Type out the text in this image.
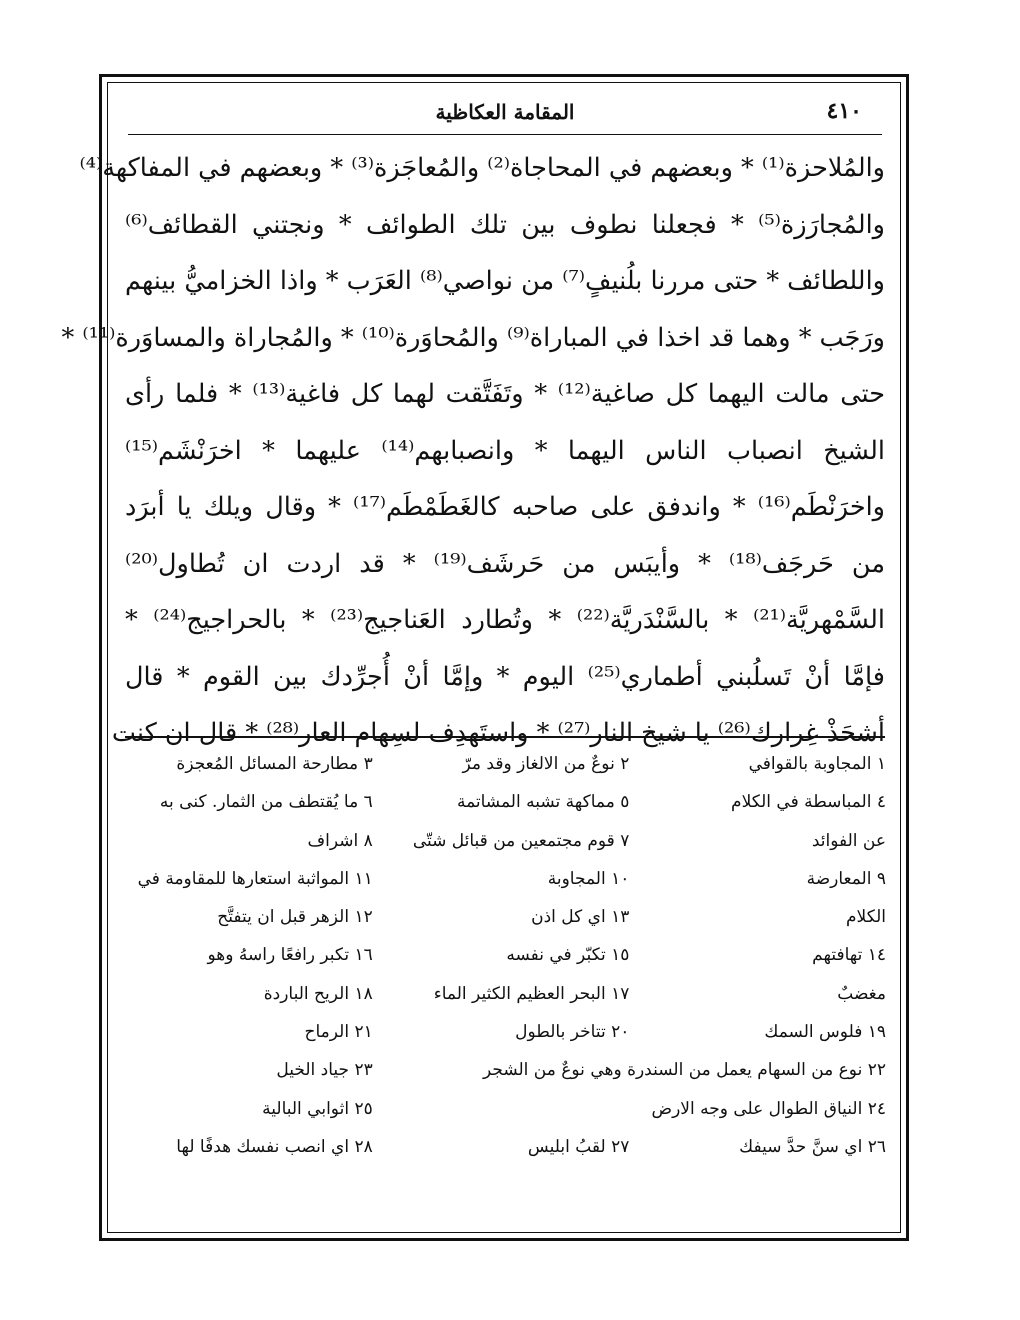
٤١٠
المقامة العكاظية
والمُلاحزة⁽¹⁾ * وبعضهم في المحاجاة⁽²⁾ والمُعاجَزة⁽³⁾ * وبعضهم في المفاكهة⁽⁴⁾
والمُجارَزة⁽⁵⁾ * فجعلنا نطوف بين تلك الطوائف * ونجتني القطائف⁽⁶⁾
واللطائف * حتى مررنا بلُنيفٍ⁽⁷⁾ من نواصي⁽⁸⁾ العَرَب * واذا الخزاميُّ بينهم
ورَجَب * وهما قد اخذا في المباراة⁽⁹⁾ والمُحاوَرة⁽¹⁰⁾ * والمُجاراة والمساوَرة⁽¹¹⁾ *
حتى مالت اليهما كل صاغية⁽¹²⁾ * وتَفَتَّقت لهما كل فاغية⁽¹³⁾ * فلما رأى
الشيخ انصباب الناس اليهما * وانصبابهم⁽¹⁴⁾ عليهما * اخرَنْشَم⁽¹⁵⁾
واخرَنْطَم⁽¹⁶⁾ * واندفق على صاحبه كالغَطَمْطَم⁽¹⁷⁾ * وقال ويلك يا أبرَد
من حَرجَف⁽¹⁸⁾ * وأيبَس من حَرشَف⁽¹⁹⁾ * قد اردت ان تُطاول⁽²⁰⁾
السَّمْهريَّة⁽²¹⁾ * بالسَّنْدَريَّة⁽²²⁾ * وتُطارد العَناجيج⁽²³⁾ * بالحراجيج⁽²⁴⁾ *
فإمَّا أنْ تَسلُبني أطماري⁽²⁵⁾ اليوم * وإمَّا أنْ أُجرِّدك بين القوم * قال
أشحَذْ غِرارك⁽²⁶⁾ يا شيخ النار⁽²⁷⁾ * واستَهدِف لسِهام العار⁽²⁸⁾ * قال ان كنت
١ المجاوبة بالقوافي
٢ نوعٌ من الالغاز وقد مرّ
٣ مطارحة المسائل المُعجزة
٤ المباسطة في الكلام
٥ مماكهة تشبه المشاتمة
٦ ما يُقتطف من الثمار. كنى به
عن الفوائد
٧ قوم مجتمعين من قبائل شتّى
٨ اشراف
٩ المعارضة
١٠ المجاوبة
١١ المواثبة استعارها للمقاومة في
الكلام
١٣ اي كل اذن
١٢ الزهر قبل ان يتفتَّح
١٤ تهافتهم
١٥ تكبّر في نفسه
١٦ تكبر رافعًا راسهُ وهو
مغضبٌ
١٧ البحر العظيم الكثير الماء
١٨ الريح الباردة
١٩ فلوس السمك
٢٠ تتاخر بالطول
٢١ الرماح
٢٢ نوع من السهام يعمل من السندرة وهي نوعٌ من الشجر
٢٣ جياد الخيل
٢٤ النياق الطوال على وجه الارض
٢٥ اثوابي البالية
٢٦ اي سنَّ حدَّ سيفك
٢٧ لقبُ ابليس
٢٨ اي انصب نفسك هدفًا لها
